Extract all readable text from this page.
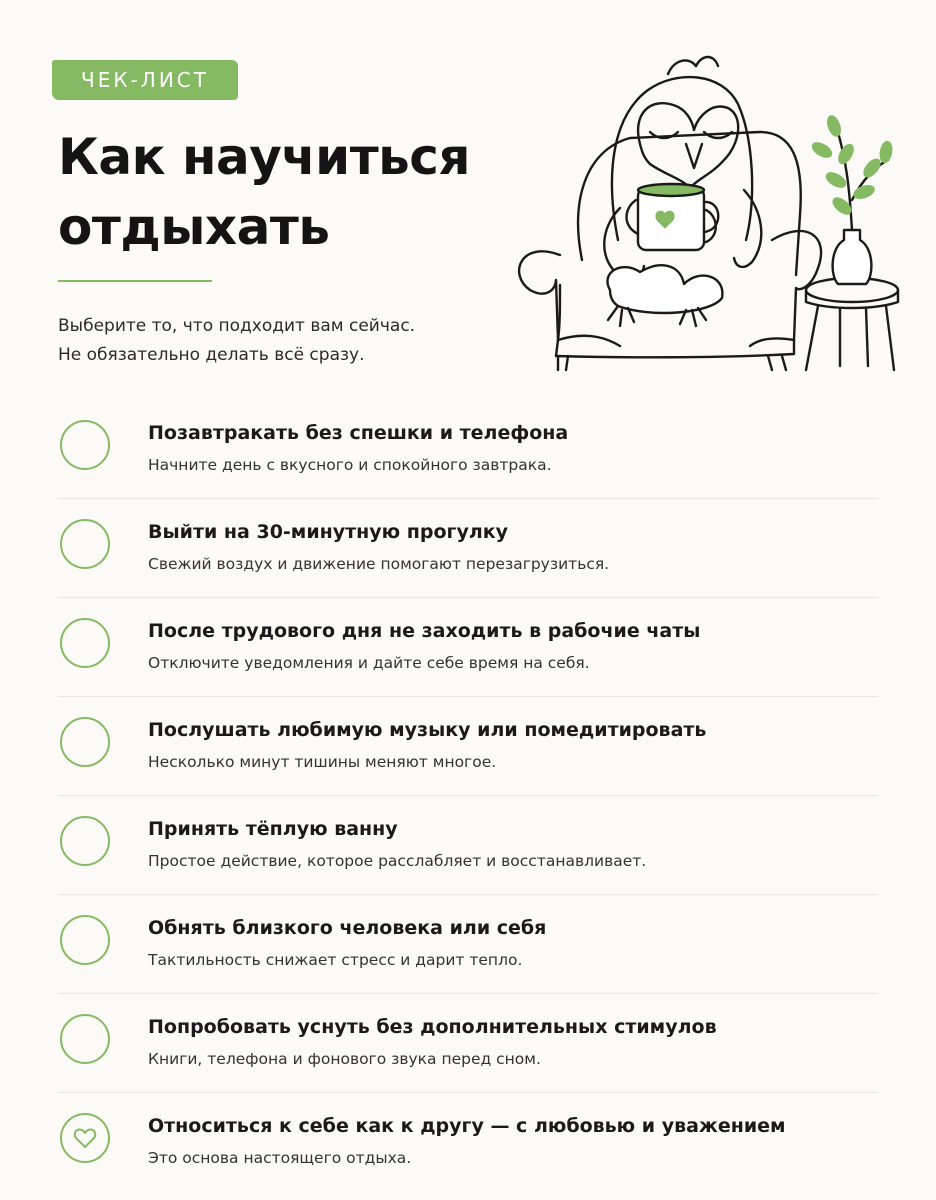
ЧЕК-ЛИСТ
Как научиться отдыхать
Выберите то, что подходит вам сейчас.
Не обязательно делать всё сразу.
Позавтракать без спешки и телефона
Начните день с вкусного и спокойного завтрака.
Выйти на 30-минутную прогулку
Свежий воздух и движение помогают перезагрузиться.
После трудового дня не заходить в рабочие чаты
Отключите уведомления и дайте себе время на себя.
Послушать любимую музыку или помедитировать
Несколько минут тишины меняют многое.
Принять тёплую ванну
Простое действие, которое расслабляет и восстанавливает.
Обнять близкого человека или себя
Тактильность снижает стресс и дарит тепло.
Попробовать уснуть без дополнительных стимулов
Книги, телефона и фонового звука перед сном.
Относиться к себе как к другу — с любовью и уважением
Это основа настоящего отдыха.
